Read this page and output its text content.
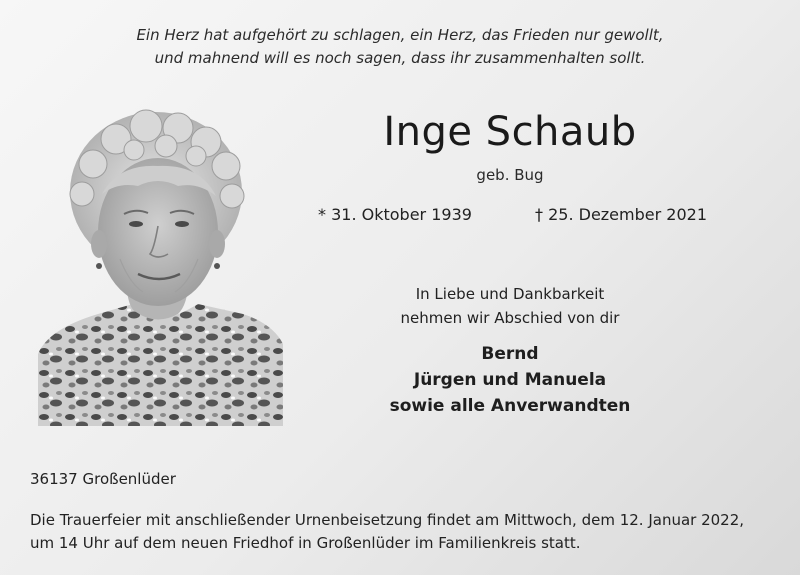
Ein Herz hat aufgehört zu schlagen, ein Herz, das Frieden nur gewollt,
und mahnend will es noch sagen, dass ihr zusammenhalten sollt.
Inge Schaub
geb. Bug
* 31. Oktober 1939	† 25. Dezember 2021
In Liebe und Dankbarkeit
nehmen wir Abschied von dir
Bernd
Jürgen und Manuela
sowie alle Anverwandten
36137 Großenlüder
Die Trauerfeier mit anschließender Urnenbeisetzung findet am Mittwoch, dem 12. Januar 2022,
um 14 Uhr auf dem neuen Friedhof in Großenlüder im Familienkreis statt.
